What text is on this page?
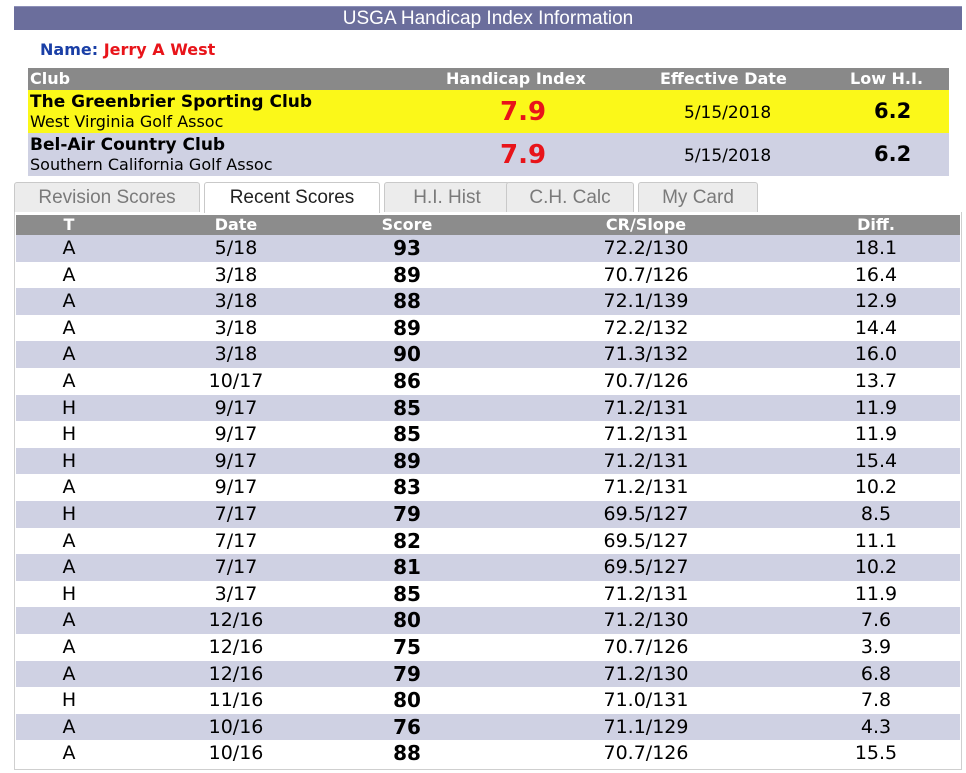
USGA Handicap Index Information
Name: Jerry A West
Club	Handicap Index	Effective Date	Low H.I.
The Greenbrier Sporting Club
West Virginia Golf Assoc	7.9	5/15/2018	6.2
Bel-Air Country Club
Southern California Golf Assoc	7.9	5/15/2018	6.2
Revision Scores	Recent Scores	H.I. Hist	C.H. Calc	My Card
T	Date	Score	CR/Slope	Diff.
A	5/18	93	72.2/130	18.1
A	3/18	89	70.7/126	16.4
A	3/18	88	72.1/139	12.9
A	3/18	89	72.2/132	14.4
A	3/18	90	71.3/132	16.0
A	10/17	86	70.7/126	13.7
H	9/17	85	71.2/131	11.9
H	9/17	85	71.2/131	11.9
H	9/17	89	71.2/131	15.4
A	9/17	83	71.2/131	10.2
H	7/17	79	69.5/127	8.5
A	7/17	82	69.5/127	11.1
A	7/17	81	69.5/127	10.2
H	3/17	85	71.2/131	11.9
A	12/16	80	71.2/130	7.6
A	12/16	75	70.7/126	3.9
A	12/16	79	71.2/130	6.8
H	11/16	80	71.0/131	7.8
A	10/16	76	71.1/129	4.3
A	10/16	88	70.7/126	15.5
